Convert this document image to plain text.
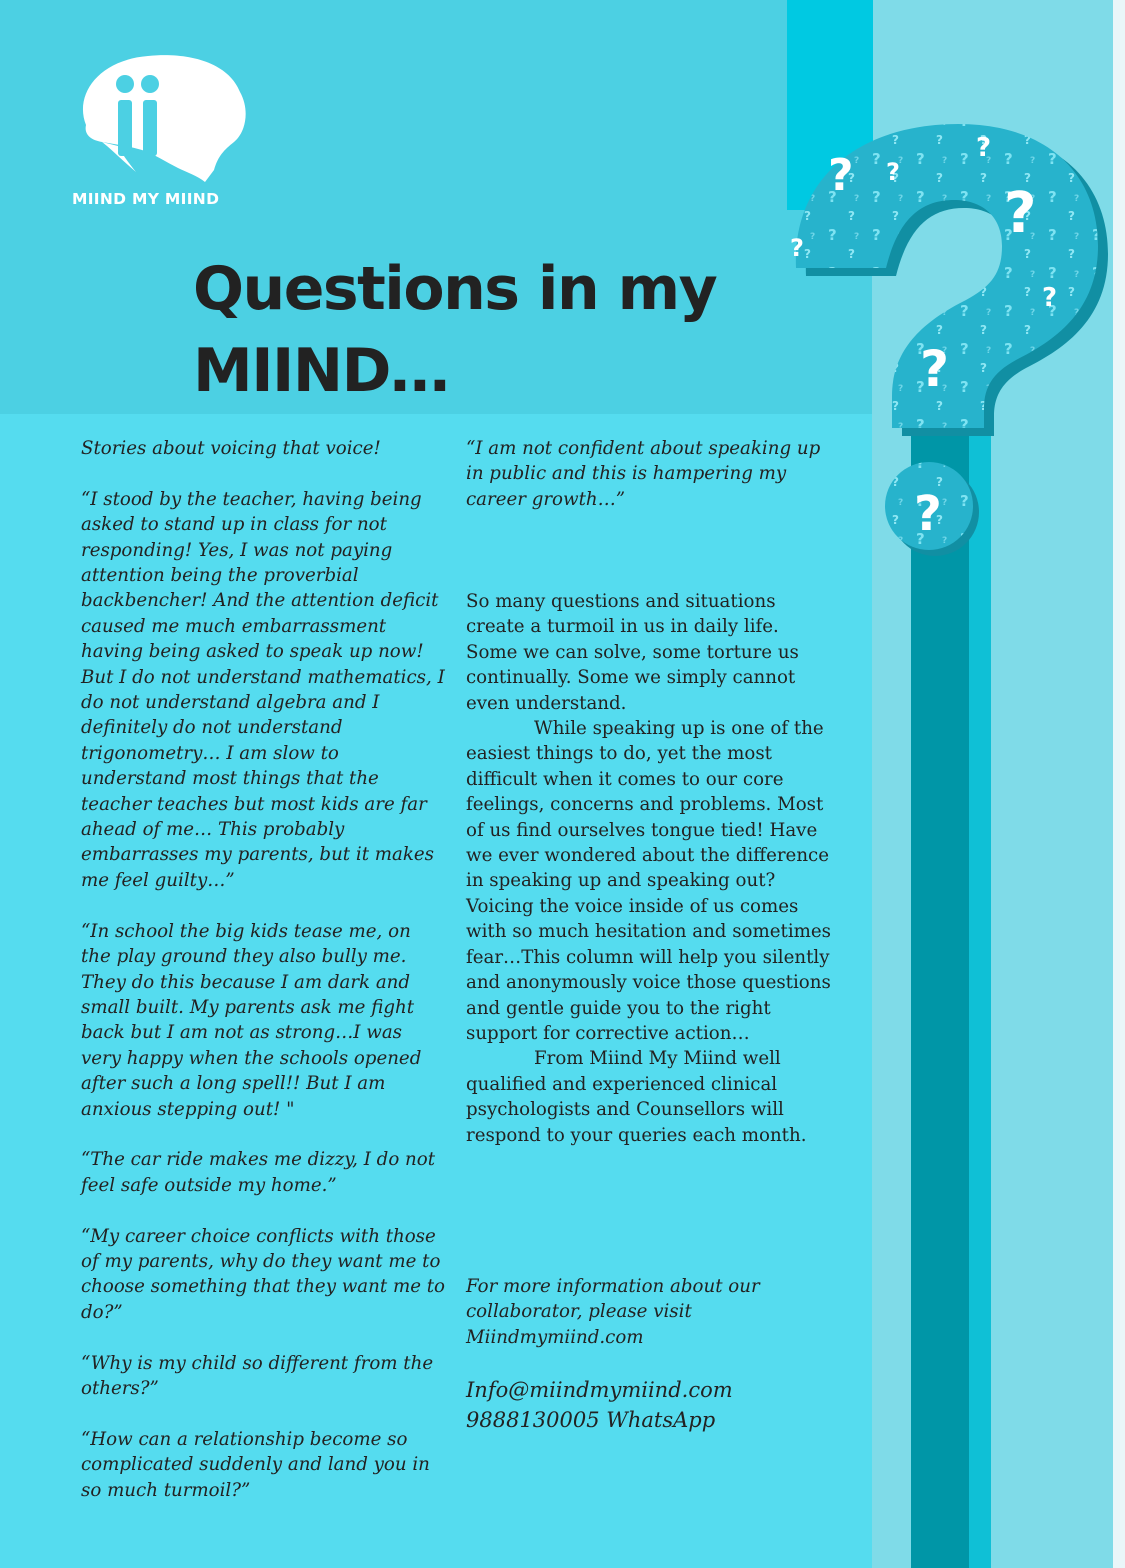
MIIND MY MIIND
Questions in my
MIIND…
?
?
?
?
?
?
?
?

Stories about voicing that voice!

“I stood by the teacher, having being asked to stand up in class for not responding! Yes, I was not paying attention being the proverbial backbencher! And the attention deficit caused me much embarrassment having being asked to speak up now! But I do not understand mathematics, I do not understand algebra and I definitely do not understand trigonometry… I am slow to understand most things that the teacher teaches but most kids are far ahead of me… This probably embarrasses my parents, but it makes me feel guilty…”

“In school the big kids tease me, on the play ground they also bully me. They do this because I am dark and small built. My parents ask me fight back but I am not as strong…I was very happy when the schools opened after such a long spell!! But I am anxious stepping out! "

“The car ride makes me dizzy, I do not feel safe outside my home.”

“My career choice conflicts with those of my parents, why do they want me to choose something that they want me to do?”

“Why is my child so different from the others?”

“How can a relationship become so complicated suddenly and land you in so much turmoil?”

“I am not confident about speaking up in public and this is hampering my career growth…”

So many questions and situations create a turmoil in us in daily life. Some we can solve, some torture us continually. Some we simply cannot even understand.

While speaking up is one of the easiest things to do, yet the most difficult when it comes to our core feelings, concerns and problems. Most of us find ourselves tongue tied! Have we ever wondered about the difference in speaking up and speaking out? Voicing the voice inside of us comes with so much hesitation and sometimes fear…This column will help you silently and anonymously voice those questions and gentle guide you to the right support for corrective action…

From Miind My Miind well qualified and experienced clinical psychologists and Counsellors will respond to your queries each month.

For more information about our collaborator, please visit Miindmymiind.com
Info@miindmymiind.com
9888130005 WhatsApp
